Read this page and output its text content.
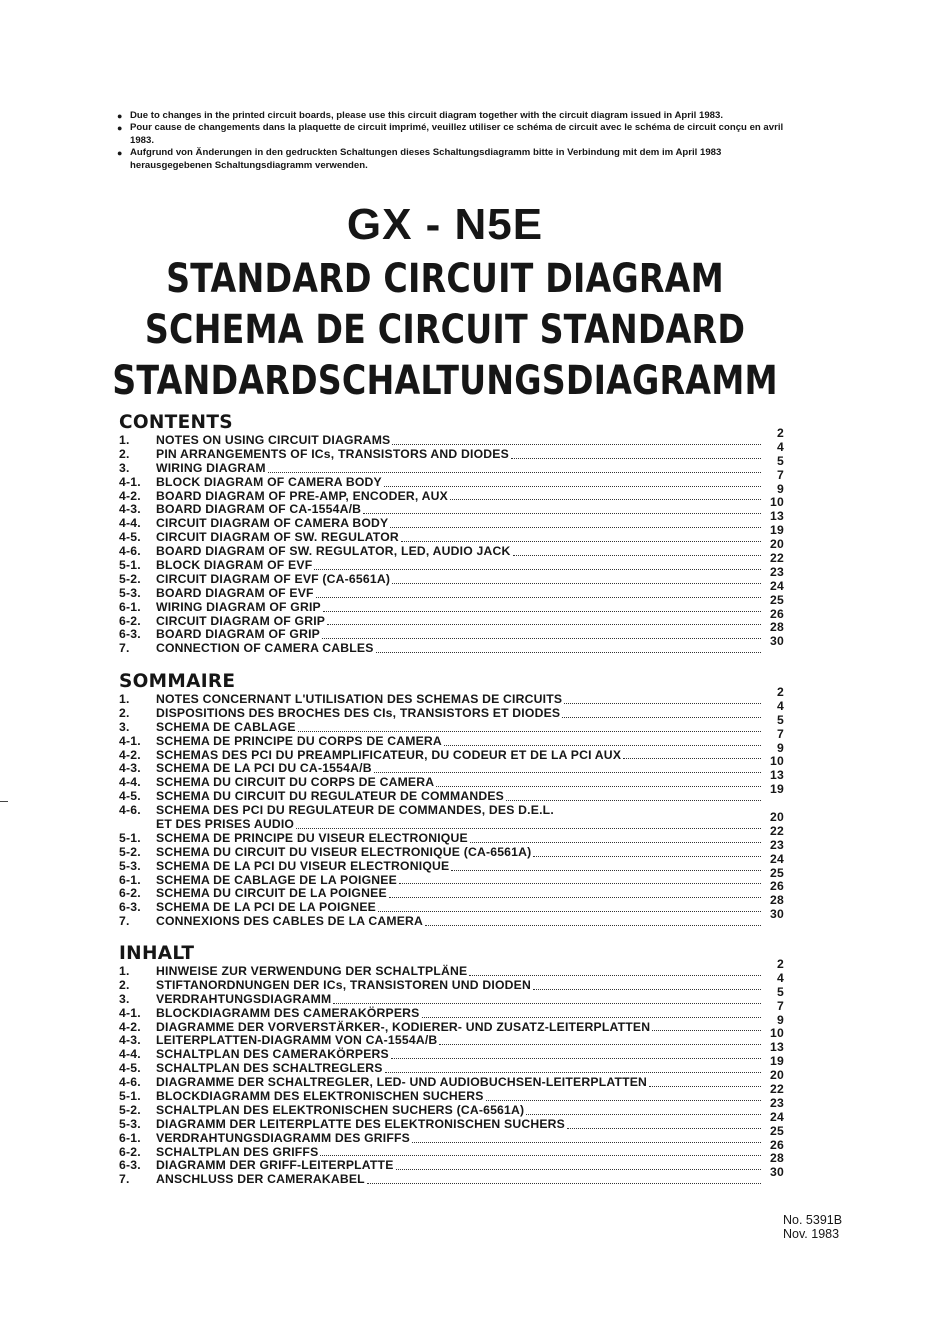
● Due to changes in the printed circuit boards, please use this circuit diagram together with the circuit diagram issued in April 1983.
● Pour cause de changements dans la plaquette de circuit imprimé, veuillez utiliser ce schéma de circuit avec le schéma de circuit conçu en avril 1983.
● Aufgrund von Änderungen in den gedruckten Schaltungen dieses Schaltungsdiagramm bitte in Verbindung mit dem im April 1983 herausgegebenen Schaltungsdiagramm verwenden.
GX - N5E
STANDARD CIRCUIT DIAGRAM
SCHEMA DE CIRCUIT STANDARD
STANDARDSCHALTUNGSDIAGRAMM
CONTENTS
1.	NOTES ON USING CIRCUIT DIAGRAMS	2
2.	PIN ARRANGEMENTS OF ICs, TRANSISTORS AND DIODES	4
3.	WIRING DIAGRAM	5
4-1.	BLOCK DIAGRAM OF CAMERA BODY	7
4-2.	BOARD DIAGRAM OF PRE-AMP, ENCODER, AUX	9
4-3.	BOARD DIAGRAM OF CA-1554A/B	10
4-4.	CIRCUIT DIAGRAM OF CAMERA BODY	13
4-5.	CIRCUIT DIAGRAM OF SW. REGULATOR	19
4-6.	BOARD DIAGRAM OF SW. REGULATOR, LED, AUDIO JACK	20
5-1.	BLOCK DIAGRAM OF EVF	22
5-2.	CIRCUIT DIAGRAM OF EVF (CA-6561A)	23
5-3.	BOARD DIAGRAM OF EVF	24
6-1.	WIRING DIAGRAM OF GRIP	25
6-2.	CIRCUIT DIAGRAM OF GRIP	26
6-3.	BOARD DIAGRAM OF GRIP	28
7.	CONNECTION OF CAMERA CABLES	30
SOMMAIRE
1.	NOTES CONCERNANT L'UTILISATION DES SCHEMAS DE CIRCUITS	2
2.	DISPOSITIONS DES BROCHES DES CIs, TRANSISTORS ET DIODES	4
3.	SCHEMA DE CABLAGE	5
4-1.	SCHEMA DE PRINCIPE DU CORPS DE CAMERA	7
4-2.	SCHEMAS DES PCI DU PREAMPLIFICATEUR, DU CODEUR ET DE LA PCI AUX	9
4-3.	SCHEMA DE LA PCI DU CA-1554A/B	10
4-4.	SCHEMA DU CIRCUIT DU CORPS DE CAMERA	13
4-5.	SCHEMA DU CIRCUIT DU REGULATEUR DE COMMANDES	19
4-6.	SCHEMA DES PCI DU REGULATEUR DE COMMANDES, DES D.E.L.
ET DES PRISES AUDIO	20
5-1.	SCHEMA DE PRINCIPE DU VISEUR ELECTRONIQUE	22
5-2.	SCHEMA DU CIRCUIT DU VISEUR ELECTRONIQUE (CA-6561A)	23
5-3.	SCHEMA DE LA PCI DU VISEUR ELECTRONIQUE	24
6-1.	SCHEMA DE CABLAGE DE LA POIGNEE	25
6-2.	SCHEMA DU CIRCUIT DE LA POIGNEE	26
6-3.	SCHEMA DE LA PCI DE LA POIGNEE	28
7.	CONNEXIONS DES CABLES DE LA CAMERA	30
INHALT
1.	HINWEISE ZUR VERWENDUNG DER SCHALTPLÄNE	2
2.	STIFTANORDNUNGEN DER ICs, TRANSISTOREN UND DIODEN	4
3.	VERDRAHTUNGSDIAGRAMM	5
4-1.	BLOCKDIAGRAMM DES CAMERAKÖRPERS	7
4-2.	DIAGRAMME DER VORVERSTÄRKER-, KODIERER- UND ZUSATZ-LEITERPLATTEN	9
4-3.	LEITERPLATTEN-DIAGRAMM VON CA-1554A/B	10
4-4.	SCHALTPLAN DES CAMERAKÖRPERS	13
4-5.	SCHALTPLAN DES SCHALTREGLERS	19
4-6.	DIAGRAMME DER SCHALTREGLER, LED- UND AUDIOBUCHSEN-LEITERPLATTEN	20
5-1.	BLOCKDIAGRAMM DES ELEKTRONISCHEN SUCHERS	22
5-2.	SCHALTPLAN DES ELEKTRONISCHEN SUCHERS (CA-6561A)	23
5-3.	DIAGRAMM DER LEITERPLATTE DES ELEKTRONISCHEN SUCHERS	24
6-1.	VERDRAHTUNGSDIAGRAMM DES GRIFFS	25
6-2.	SCHALTPLAN DES GRIFFS	26
6-3.	DIAGRAMM DER GRIFF-LEITERPLATTE	28
7.	ANSCHLUSS DER CAMERAKABEL	30
No. 5391B
Nov. 1983
